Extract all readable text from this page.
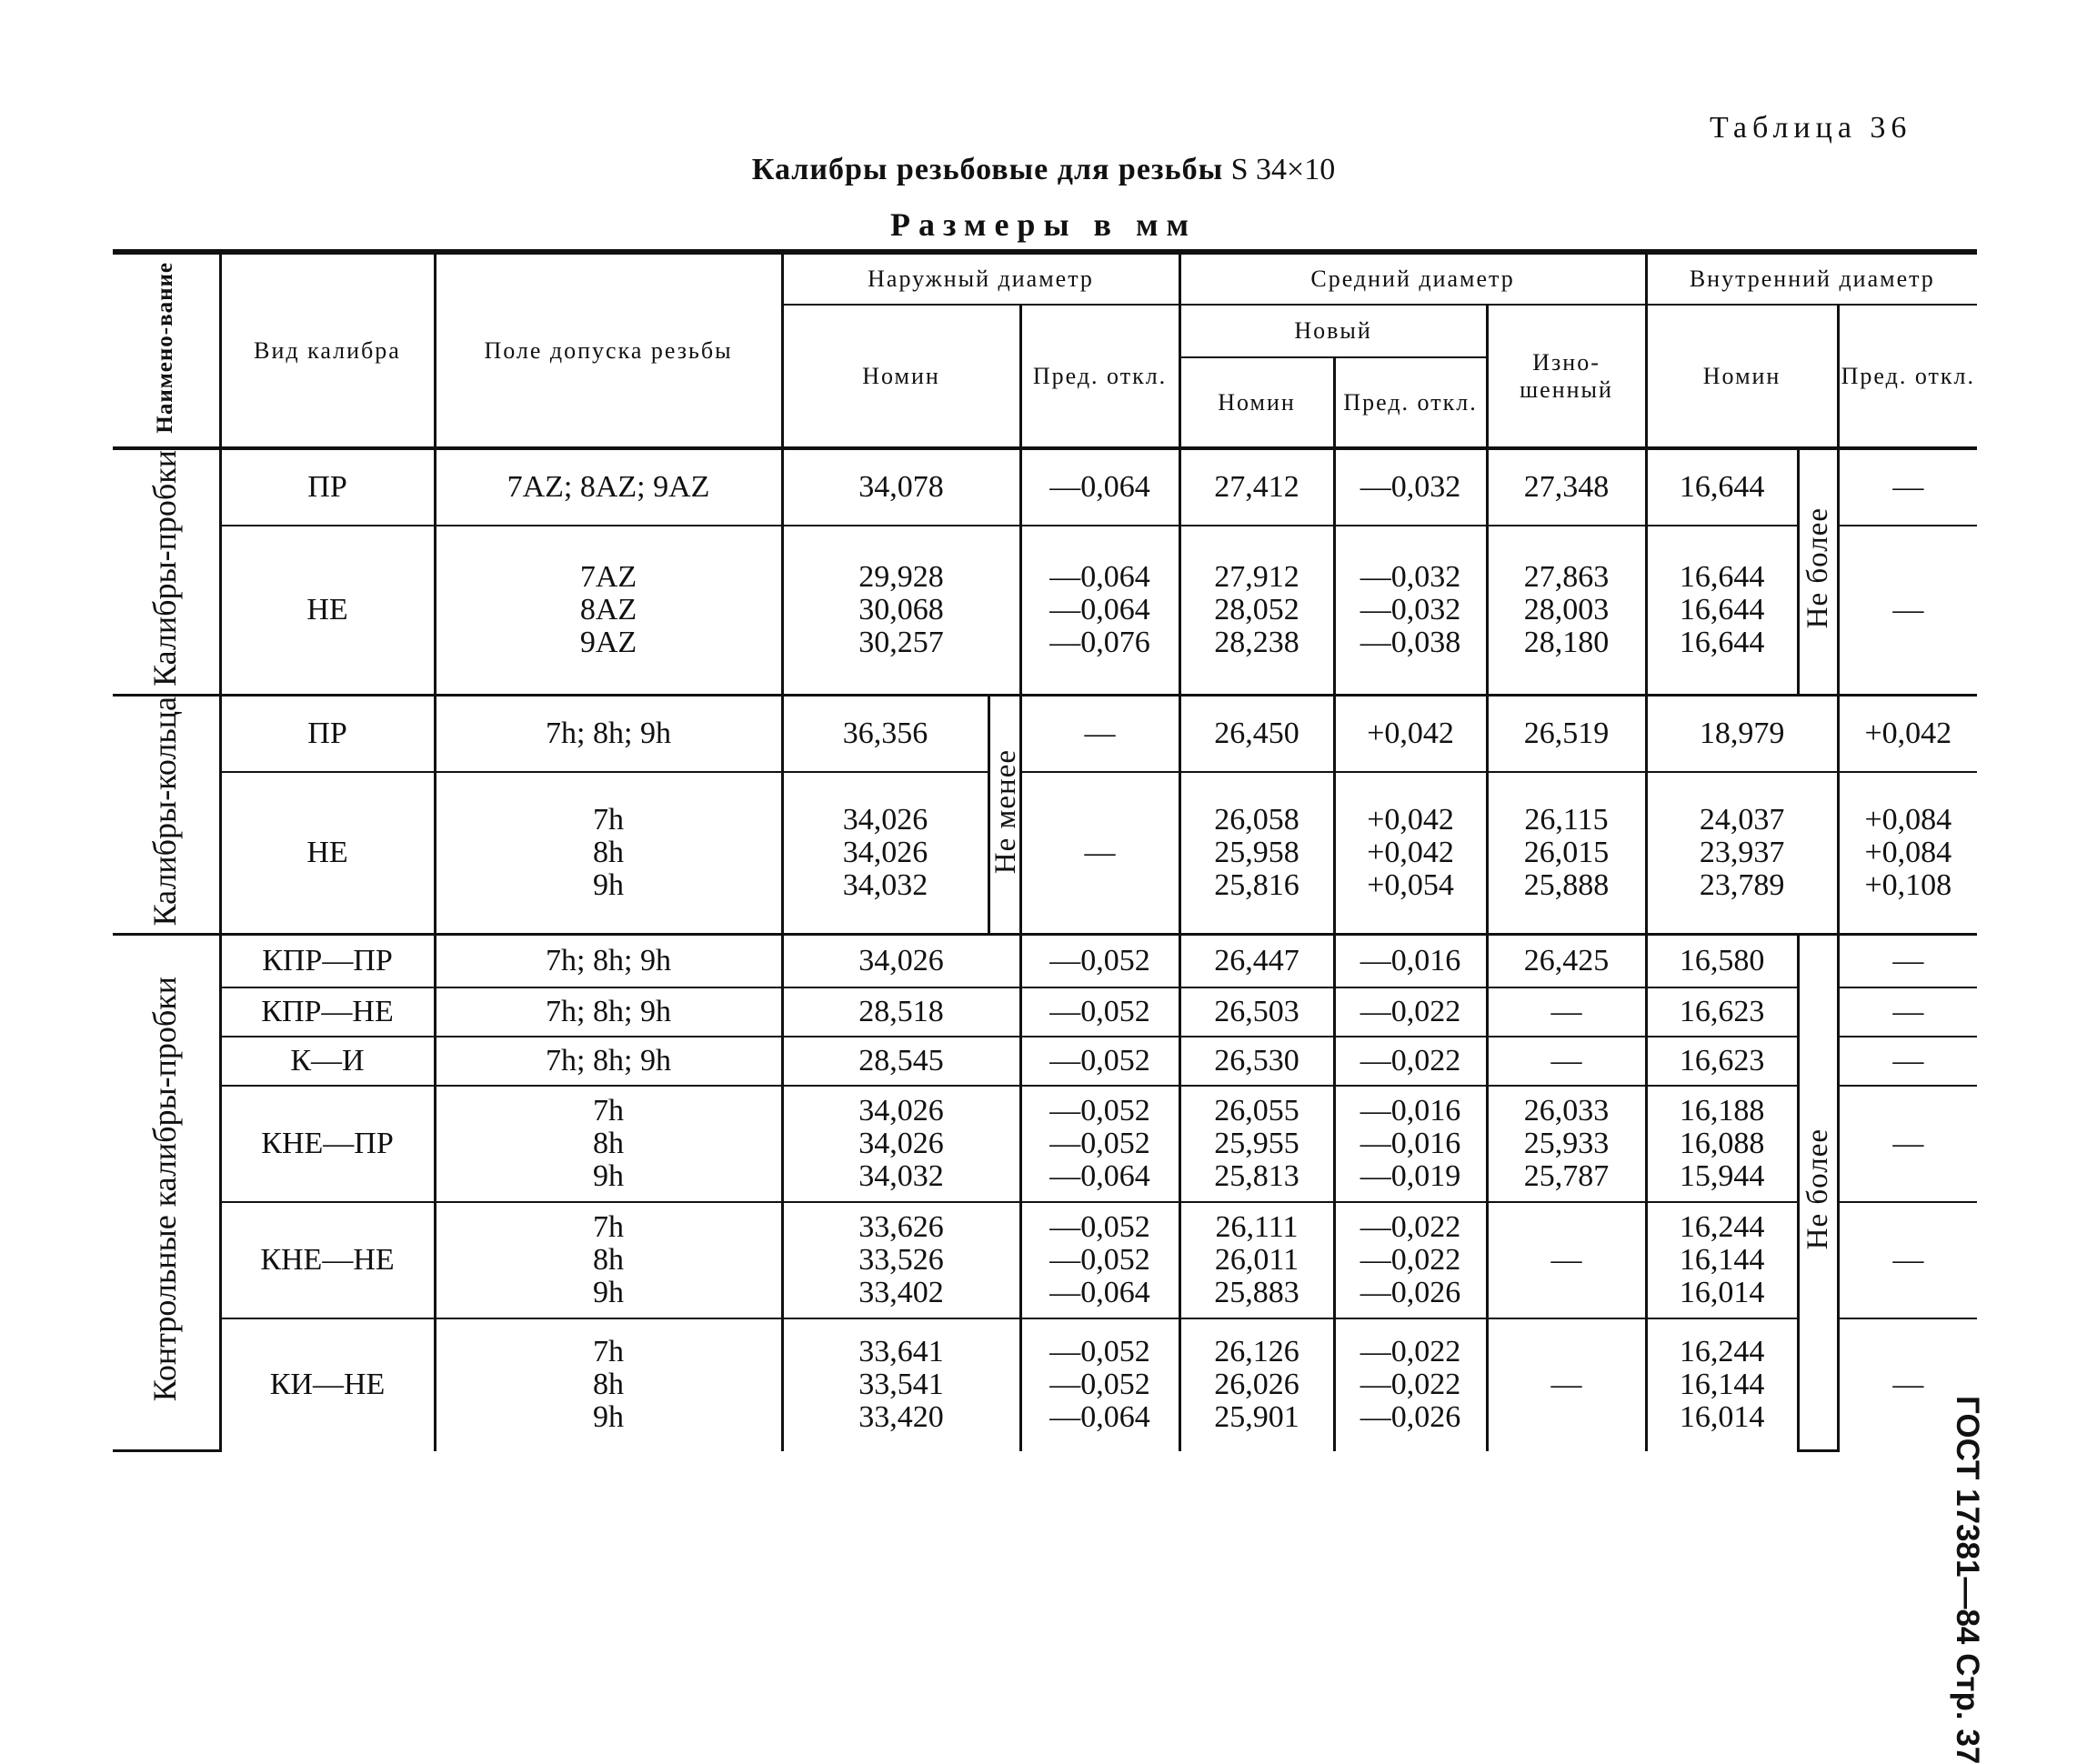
Таблица 36
Калибры резьбовые для резьбы S 34×10
Размеры в мм
Наимено-вание	Вид калибра	Поле допуска резьбы	Наружный диаметр			Средний диаметр			Внутренний диаметр		
			Номин		Пред. откл.	Новый		Изно-шенный	Номин		Пред. откл.
						Номин	Пред. откл.				
Калибры-пробки	ПР	7AZ; 8AZ; 9AZ	34,078		—0,064	27,412	—0,032	27,348	16,644	Не более	—

	НЕ	7AZ
8AZ
9AZ	29,928
30,068
30,257		—0,064
—0,064
—0,076	27,912
28,052
28,238	—0,032
—0,032
—0,038	27,863
28,003
28,180	16,644
16,644
16,644		—

Калибры-кольца	ПР	7h; 8h; 9h	36,356	Не менее	—	26,450	+0,042	26,519	18,979		+0,042

	НЕ	7h
8h
9h	34,026
34,026
34,032		—	26,058
25,958
25,816	+0,042
+0,042
+0,054	26,115
26,015
25,888	24,037
23,937
23,789		+0,084
+0,084
+0,108

Контрольные калибры-пробки	КПР—ПР	7h; 8h; 9h	34,026		—0,052	26,447	—0,016	26,425	16,580	Не более	—

	КПР—НЕ	7h; 8h; 9h	28,518		—0,052	26,503	—0,022	—	16,623		—

	К—И	7h; 8h; 9h	28,545		—0,052	26,530	—0,022	—	16,623		—

	КНЕ—ПР	7h
8h
9h	34,026
34,026
34,032		—0,052
—0,052
—0,064	26,055
25,955
25,813	—0,016
—0,016
—0,019	26,033
25,933
25,787	16,188
16,088
15,944		—

	КНЕ—НЕ	7h
8h
9h	33,626
33,526
33,402		—0,052
—0,052
—0,064	26,111
26,011
25,883	—0,022
—0,022
—0,026	—	16,244
16,144
16,014		—

	КИ—НЕ	7h
8h
9h	33,641
33,541
33,420		—0,052
—0,052
—0,064	26,126
26,026
25,901	—0,022
—0,022
—0,026	—	16,244
16,144
16,014		—
ГОСТ 17381—84 Стр. 37
